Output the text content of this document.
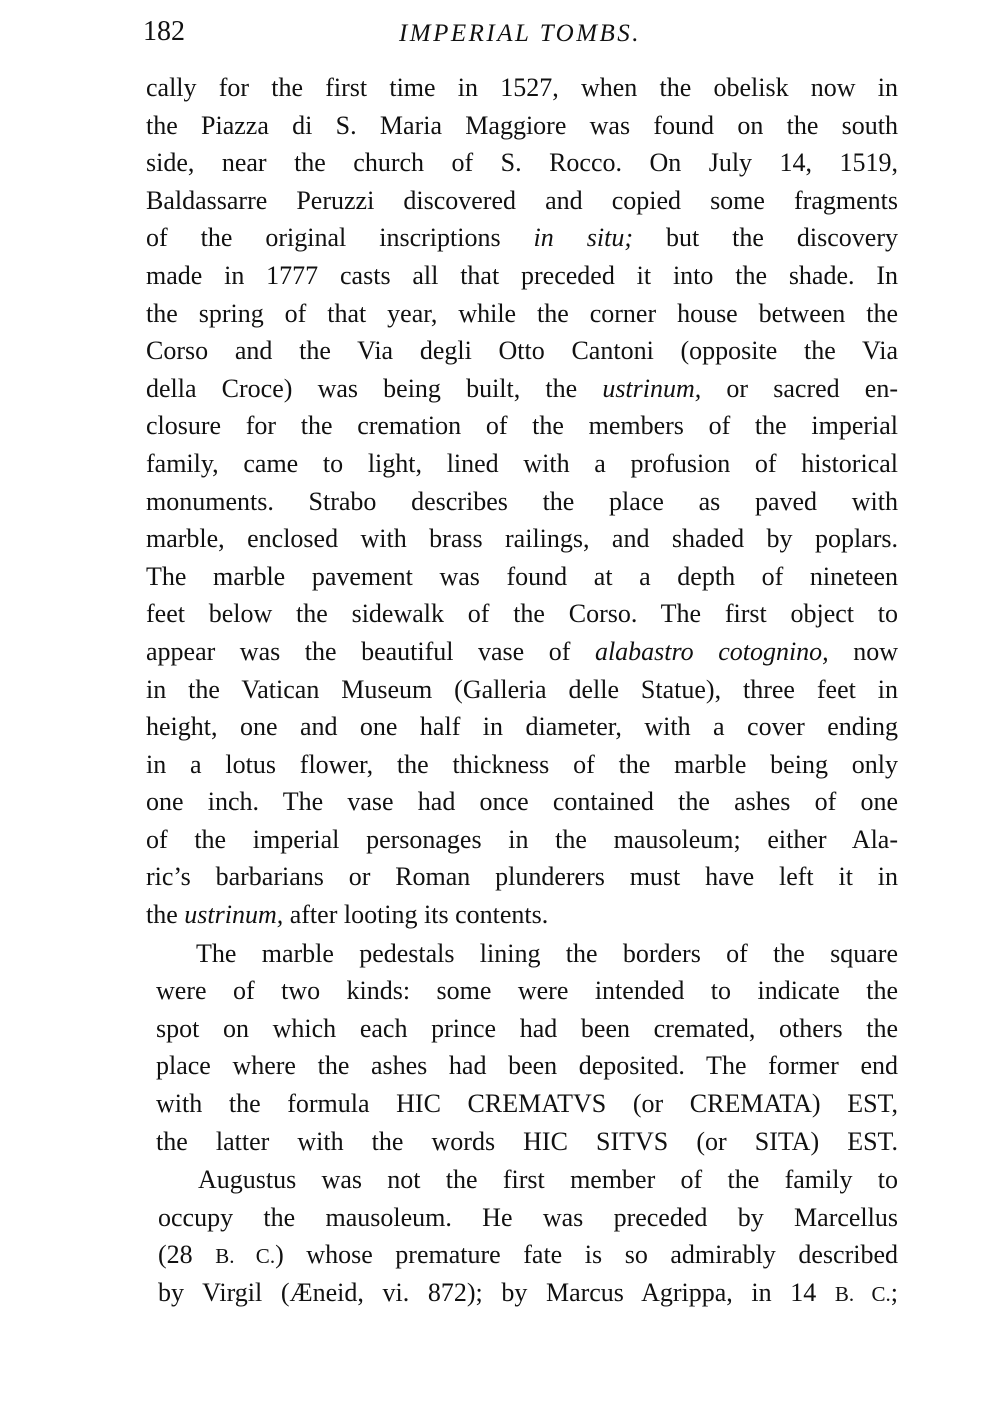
182	IMPERIAL TOMBS.
cally for the first time in 1527, when the obelisk now in
the Piazza di S. Maria Maggiore was found on the south
side, near the church of S. Rocco. On July 14, 1519,
Baldassarre Peruzzi discovered and copied some fragments
of the original inscriptions in situ; but the discovery
made in 1777 casts all that preceded it into the shade. In
the spring of that year, while the corner house between the
Corso and the Via degli Otto Cantoni (opposite the Via
della Croce) was being built, the ustrinum, or sacred en-
closure for the cremation of the members of the imperial
family, came to light, lined with a profusion of historical
monuments. Strabo describes the place as paved with
marble, enclosed with brass railings, and shaded by poplars.
The marble pavement was found at a depth of nineteen
feet below the sidewalk of the Corso. The first object to
appear was the beautiful vase of alabastro cotognino, now
in the Vatican Museum (Galleria delle Statue), three feet in
height, one and one half in diameter, with a cover ending
in a lotus flower, the thickness of the marble being only
one inch. The vase had once contained the ashes of one
of the imperial personages in the mausoleum; either Ala-
ric’s barbarians or Roman plunderers must have left it in
the ustrinum, after looting its contents.
The marble pedestals lining the borders of the square
were of two kinds: some were intended to indicate the
spot on which each prince had been cremated, others the
place where the ashes had been deposited. The former end
with the formula HIC CREMATVS (or CREMATA) EST,
the latter with the words HIC SITVS (or SITA) EST.
Augustus was not the first member of the family to
occupy the mausoleum. He was preceded by Marcellus
(28 B. C.) whose premature fate is so admirably described
by Virgil (Æneid, vi. 872); by Marcus Agrippa, in 14 B. C.;
